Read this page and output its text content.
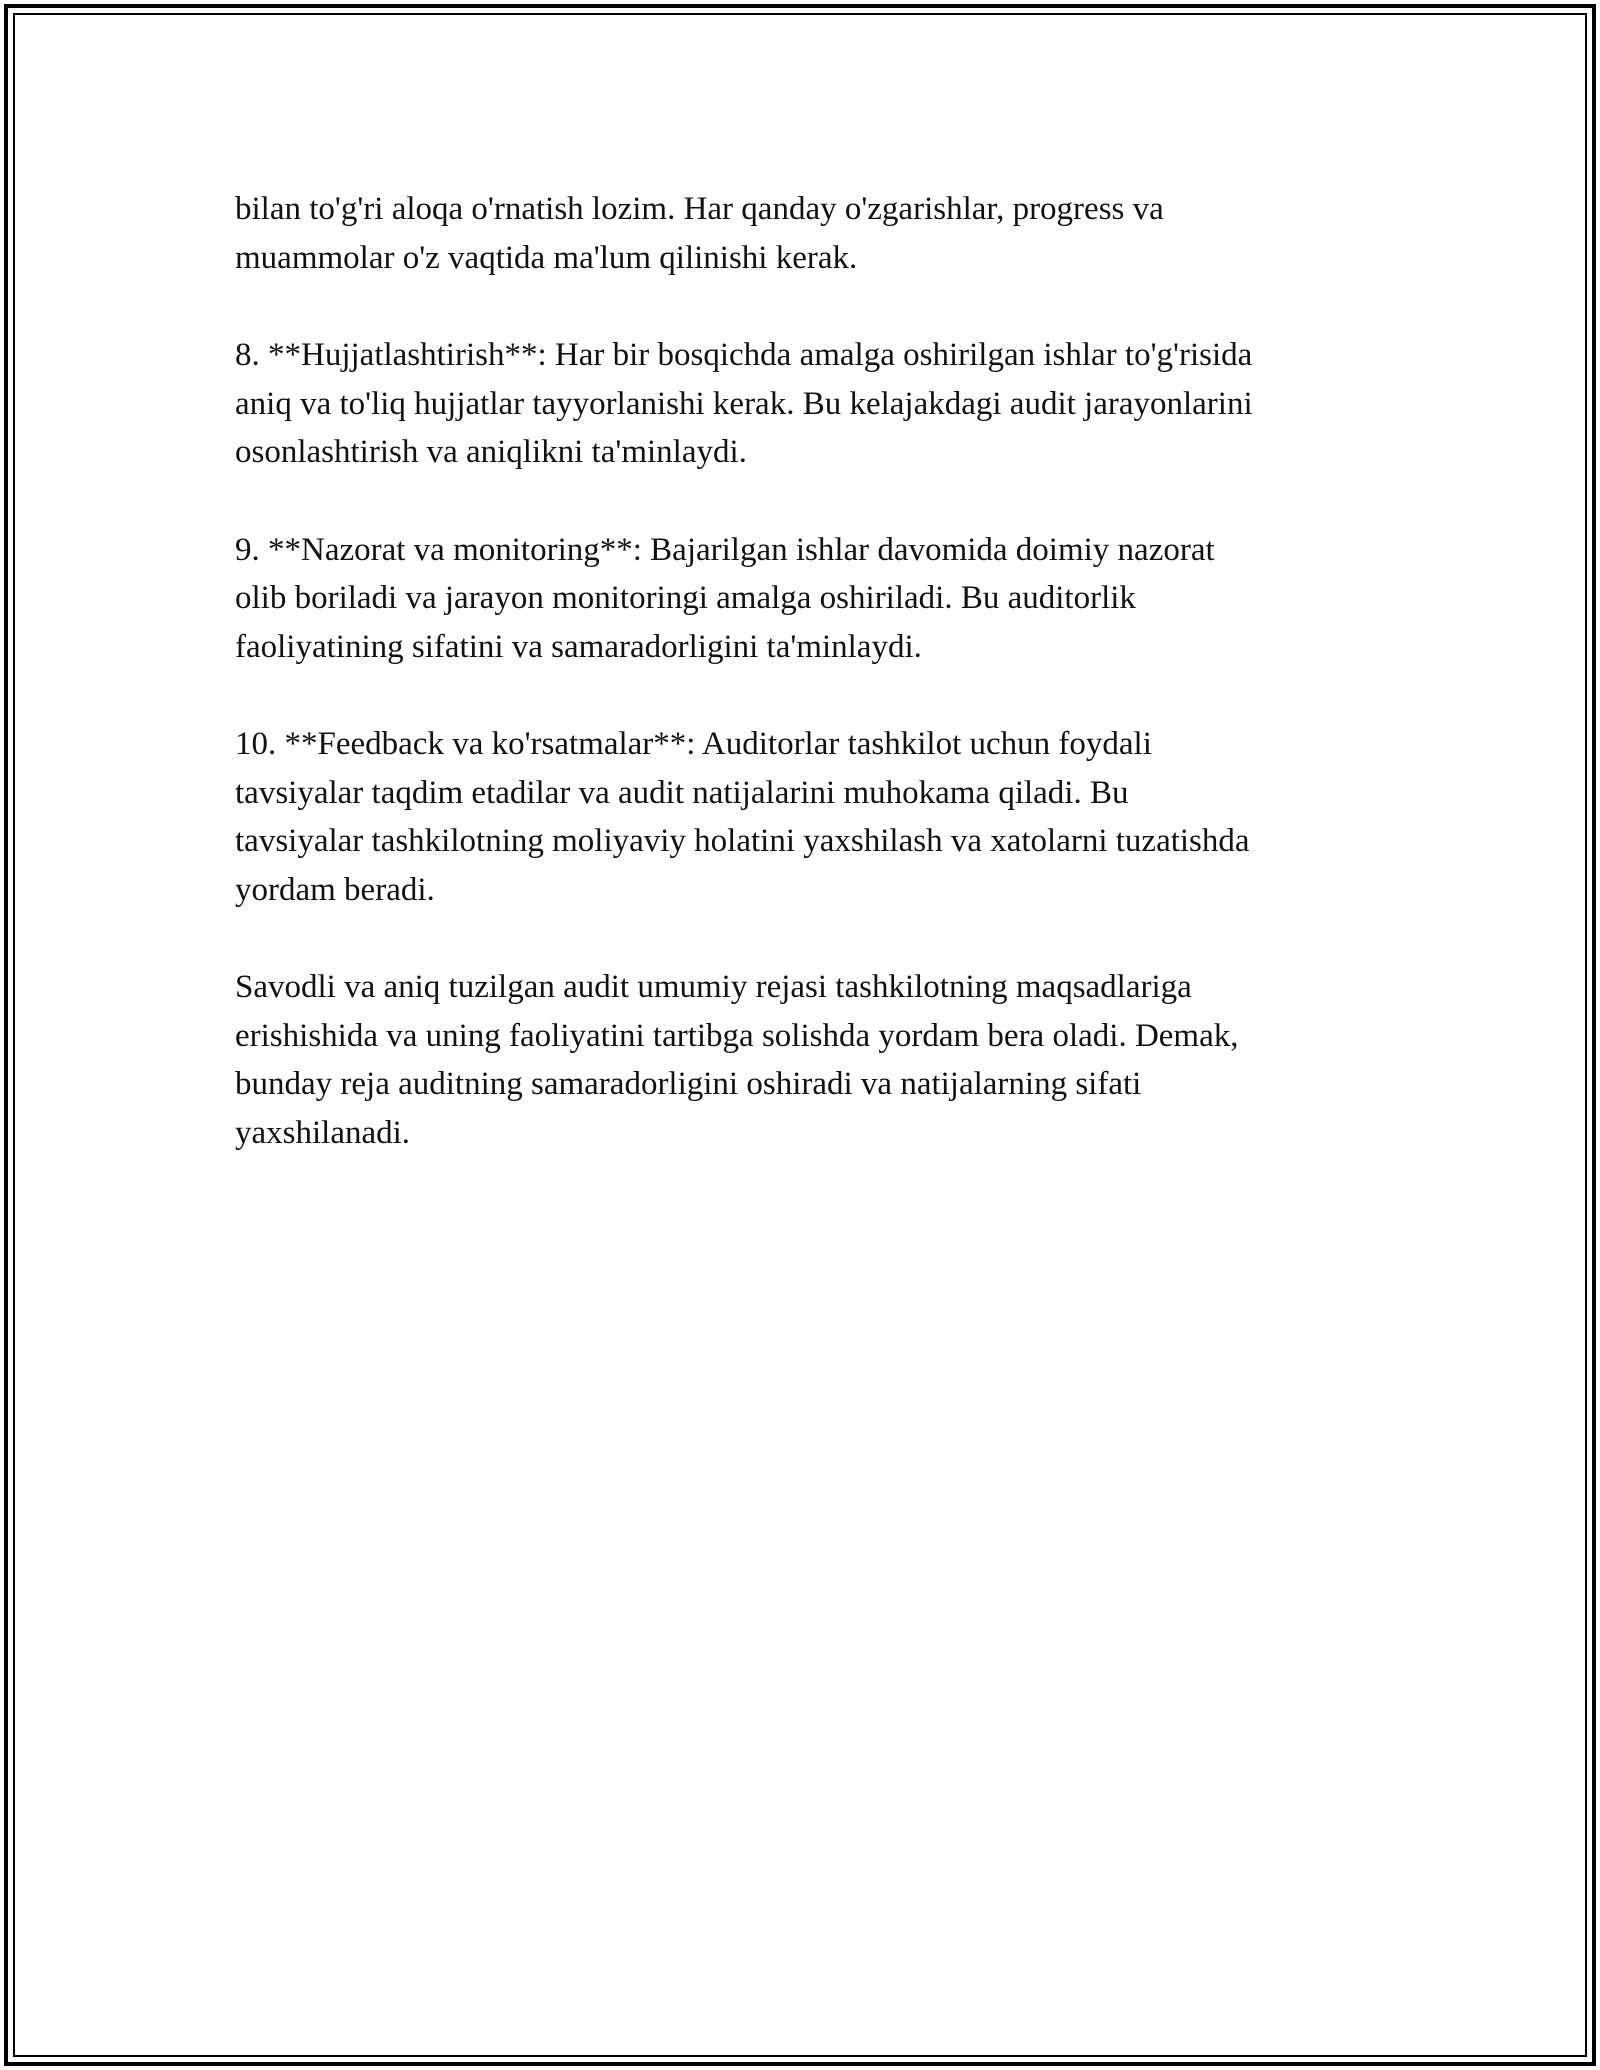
bilan to'g'ri aloqa o'rnatish lozim. Har qanday o'zgarishlar, progress va
muammolar o'z vaqtida ma'lum qilinishi kerak.

8. **Hujjatlashtirish**: Har bir bosqichda amalga oshirilgan ishlar to'g'risida
aniq va to'liq hujjatlar tayyorlanishi kerak. Bu kelajakdagi audit jarayonlarini
osonlashtirish va aniqlikni ta'minlaydi.

9. **Nazorat va monitoring**: Bajarilgan ishlar davomida doimiy nazorat
olib boriladi va jarayon monitoringi amalga oshiriladi. Bu auditorlik
faoliyatining sifatini va samaradorligini ta'minlaydi.

10. **Feedback va ko'rsatmalar**: Auditorlar tashkilot uchun foydali
tavsiyalar taqdim etadilar va audit natijalarini muhokama qiladi. Bu
tavsiyalar tashkilotning moliyaviy holatini yaxshilash va xatolarni tuzatishda
yordam beradi.

Savodli va aniq tuzilgan audit umumiy rejasi tashkilotning maqsadlariga
erishishida va uning faoliyatini tartibga solishda yordam bera oladi. Demak,
bunday reja auditning samaradorligini oshiradi va natijalarning sifati
yaxshilanadi.
